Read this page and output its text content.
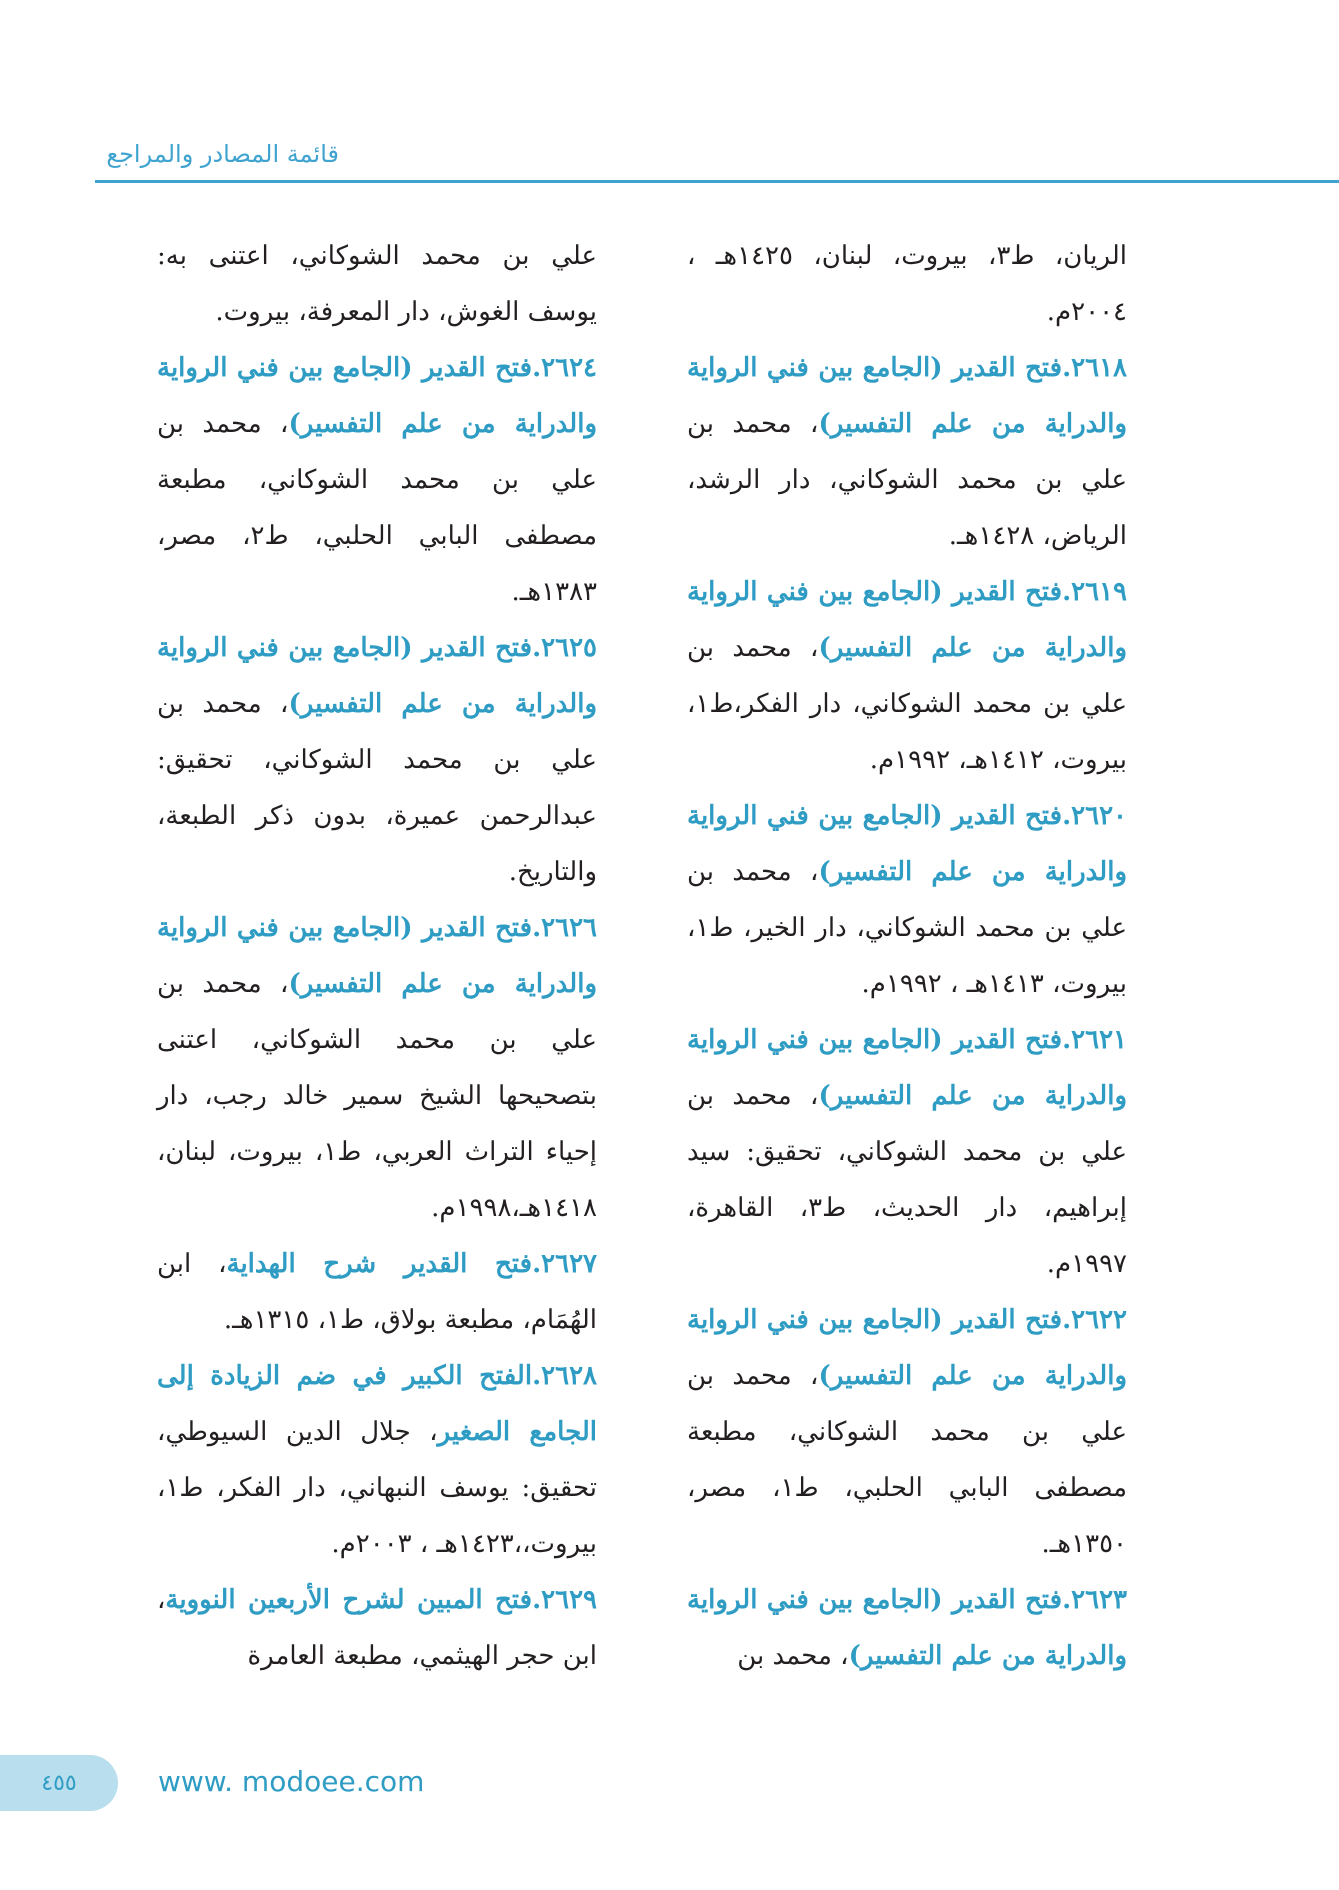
قائمة المصادر والمراجع

الريان، ط٣، بيروت، لبنان، ١٤٢٥هـ ، ٢٠٠٤م.

٢٦١٨.فتح القدير (الجامع بين فني الرواية والدراية من علم التفسير)، محمد بن علي بن محمد الشوكاني، دار الرشد، الرياض، ١٤٢٨هـ.

٢٦١٩.فتح القدير (الجامع بين فني الرواية والدراية من علم التفسير)، محمد بن علي بن محمد الشوكاني، دار الفكر،ط١، بيروت، ١٤١٢هـ، ١٩٩٢م.

٢٦٢٠.فتح القدير (الجامع بين فني الرواية والدراية من علم التفسير)، محمد بن علي بن محمد الشوكاني، دار الخير، ط١، بيروت، ١٤١٣هـ ، ١٩٩٢م.

٢٦٢١.فتح القدير (الجامع بين فني الرواية والدراية من علم التفسير)، محمد بن علي بن محمد الشوكاني، تحقيق: سيد إبراهيم، دار الحديث، ط٣، القاهرة، ١٩٩٧م.

٢٦٢٢.فتح القدير (الجامع بين فني الرواية والدراية من علم التفسير)، محمد بن علي بن محمد الشوكاني، مطبعة مصطفى البابي الحلبي، ط١، مصر، ١٣٥٠هـ.

٢٦٢٣.فتح القدير (الجامع بين فني الرواية والدراية من علم التفسير)، محمد بن

علي بن محمد الشوكاني، اعتنى به: يوسف الغوش، دار المعرفة، بيروت.

٢٦٢٤.فتح القدير (الجامع بين فني الرواية والدراية من علم التفسير)، محمد بن علي بن محمد الشوكاني، مطبعة مصطفى البابي الحلبي، ط٢، مصر، ١٣٨٣هـ.

٢٦٢٥.فتح القدير (الجامع بين فني الرواية والدراية من علم التفسير)، محمد بن علي بن محمد الشوكاني، تحقيق: عبدالرحمن عميرة، بدون ذكر الطبعة، والتاريخ.

٢٦٢٦.فتح القدير (الجامع بين فني الرواية والدراية من علم التفسير)، محمد بن علي بن محمد الشوكاني، اعتنى بتصحيحها الشيخ سمير خالد رجب، دار إحياء التراث العربي، ط١، بيروت، لبنان، ١٤١٨هـ،١٩٩٨م.

٢٦٢٧.فتح القدير شرح الهداية، ابن الهُمَام، مطبعة بولاق، ط١، ١٣١٥هـ.

٢٦٢٨.الفتح الكبير في ضم الزيادة إلى الجامع الصغير، جلال الدين السيوطي، تحقيق: يوسف النبهاني، دار الفكر، ط١، بيروت،،١٤٢٣هـ ، ٢٠٠٣م.

٢٦٢٩.فتح المبين لشرح الأربعين النووية، ابن حجر الهيثمي، مطبعة العامرة

٤٥٥	www. modoee.com
